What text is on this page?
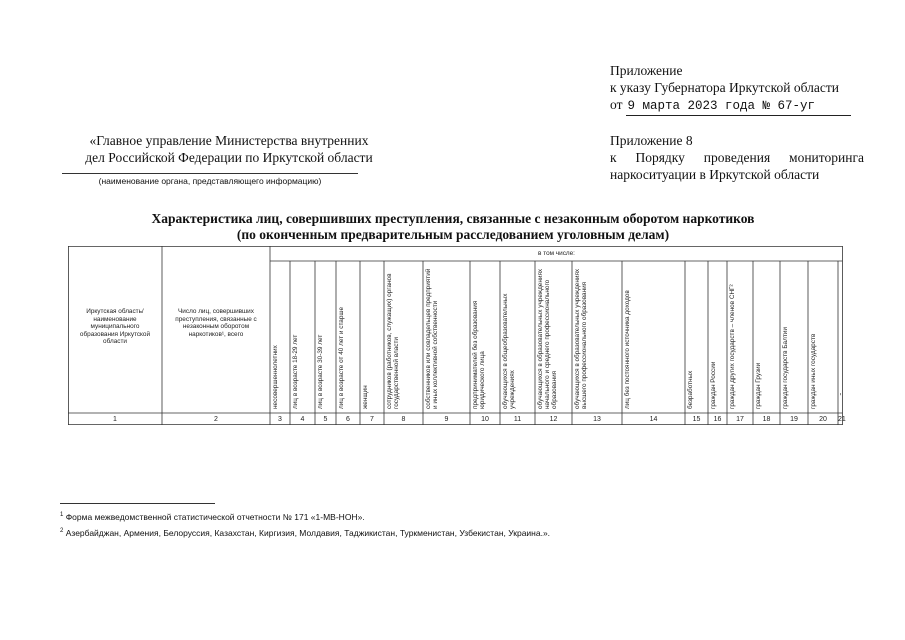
Приложение
к указу Губернатора Иркутской области
от 9 марта 2023 года № 67-уг
Приложение 8
к Порядку проведения мониторинга
наркоситуации в Иркутской области
«Главное управление Министерства внутренних
дел Российской Федерации по Иркутской области
(наименование органа, представляющего информацию)
Характеристика лиц, совершивших преступления, связанные с незаконным оборотом наркотиков
(по оконченным предварительным расследованием уголовным делам)
Иркутская область/ наименование муниципального образования Иркутской области
Число лиц, совершивших преступления, связанные с незаконным оборотом наркотиков¹, всего
в том числе:
несовершеннолетних	лиц в возрасте 18-29 лет	лиц в возрасте 30-39 лет	лиц в возрасте от 40 лет и старше	женщин	сотрудников (работников, служащих) органов государственной власти	собственников или совладельцев предприятий и иных коллективной собственности	предпринимателей без образования юридического лица	обучающихся в общеобразовательных учреждениях	обучающихся в образовательных учреждениях начального и среднего профессионального образования	обучающихся в образовательных учреждениях высшего профессионального образования	лиц без постоянного источника доходов	безработных	граждан России	граждан других государств – членов СНГ²	граждан Грузии	граждан государств Балтии	граждан иных государств
1	2	3	4	5	6	7	8	9	10	11	12	13	14	15	16	17	18	19	20	21
$^1$ Форма межведомственной статистической отчетности № 171 «1-МВ-НОН».
$^2$ Азербайджан, Армения, Белоруссия, Казахстан, Киргизия, Молдавия, Таджикистан, Туркменистан, Узбекистан, Украина.».
